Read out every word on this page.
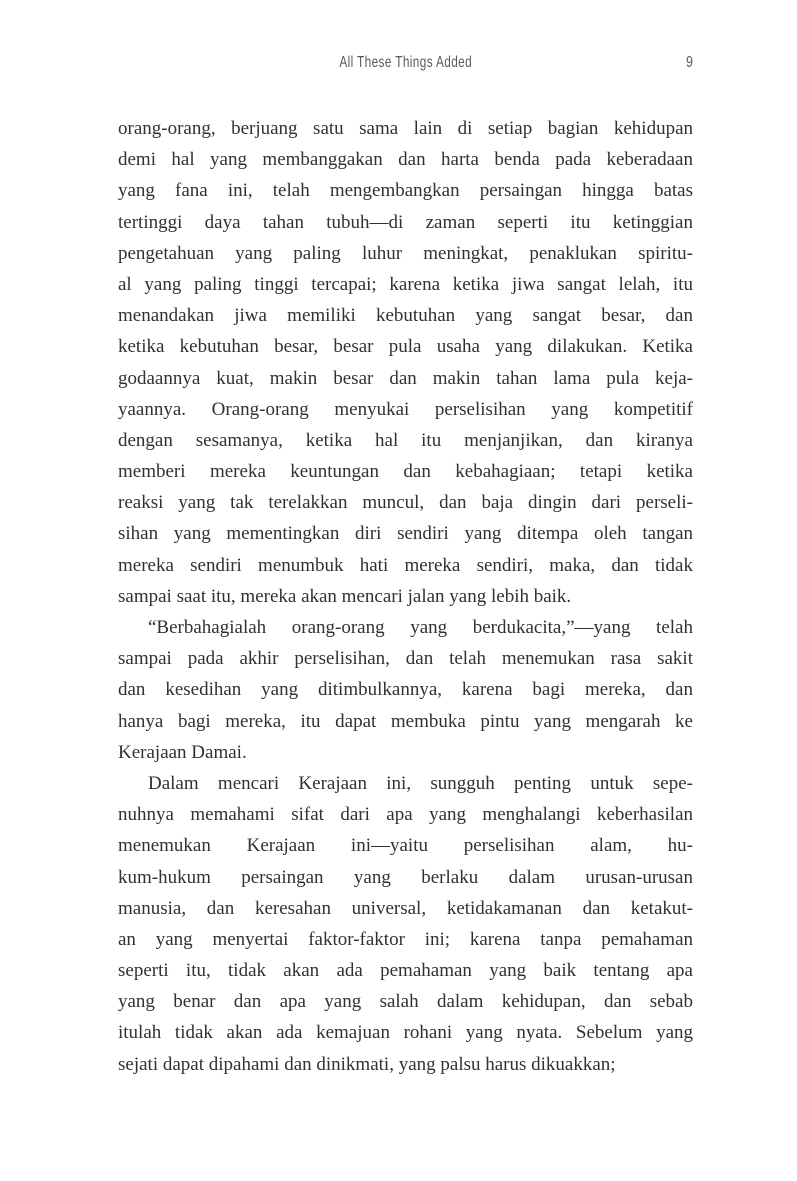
All These Things Added	9
orang-orang, berjuang satu sama lain di setiap bagian kehidupan
demi hal yang membanggakan dan harta benda pada keberadaan
yang fana ini, telah mengembangkan persaingan hingga batas
tertinggi daya tahan tubuh—di zaman seperti itu ketinggian
pengetahuan yang paling luhur meningkat, penaklukan spiritu-
al yang paling tinggi tercapai; karena ketika jiwa sangat lelah, itu
menandakan jiwa memiliki kebutuhan yang sangat besar, dan
ketika kebutuhan besar, besar pula usaha yang dilakukan. Ketika
godaannya kuat, makin besar dan makin tahan lama pula keja-
yaannya. Orang-orang menyukai perselisihan yang kompetitif
dengan sesamanya, ketika hal itu menjanjikan, dan kiranya
memberi mereka keuntungan dan kebahagiaan; tetapi ketika
reaksi yang tak terelakkan muncul, dan baja dingin dari perseli-
sihan yang mementingkan diri sendiri yang ditempa oleh tangan
mereka sendiri menumbuk hati mereka sendiri, maka, dan tidak
sampai saat itu, mereka akan mencari jalan yang lebih baik.
“Berbahagialah orang-orang yang berdukacita,”—yang telah
sampai pada akhir perselisihan, dan telah menemukan rasa sakit
dan kesedihan yang ditimbulkannya, karena bagi mereka, dan
hanya bagi mereka, itu dapat membuka pintu yang mengarah ke
Kerajaan Damai.
Dalam mencari Kerajaan ini, sungguh penting untuk sepe-
nuhnya memahami sifat dari apa yang menghalangi keberhasilan
menemukan Kerajaan ini—yaitu perselisihan alam, hu-
kum-hukum persaingan yang berlaku dalam urusan-urusan
manusia, dan keresahan universal, ketidakamanan dan ketakut-
an yang menyertai faktor-faktor ini; karena tanpa pemahaman
seperti itu, tidak akan ada pemahaman yang baik tentang apa
yang benar dan apa yang salah dalam kehidupan, dan sebab
itulah tidak akan ada kemajuan rohani yang nyata. Sebelum yang
sejati dapat dipahami dan dinikmati, yang palsu harus dikuakkan;
